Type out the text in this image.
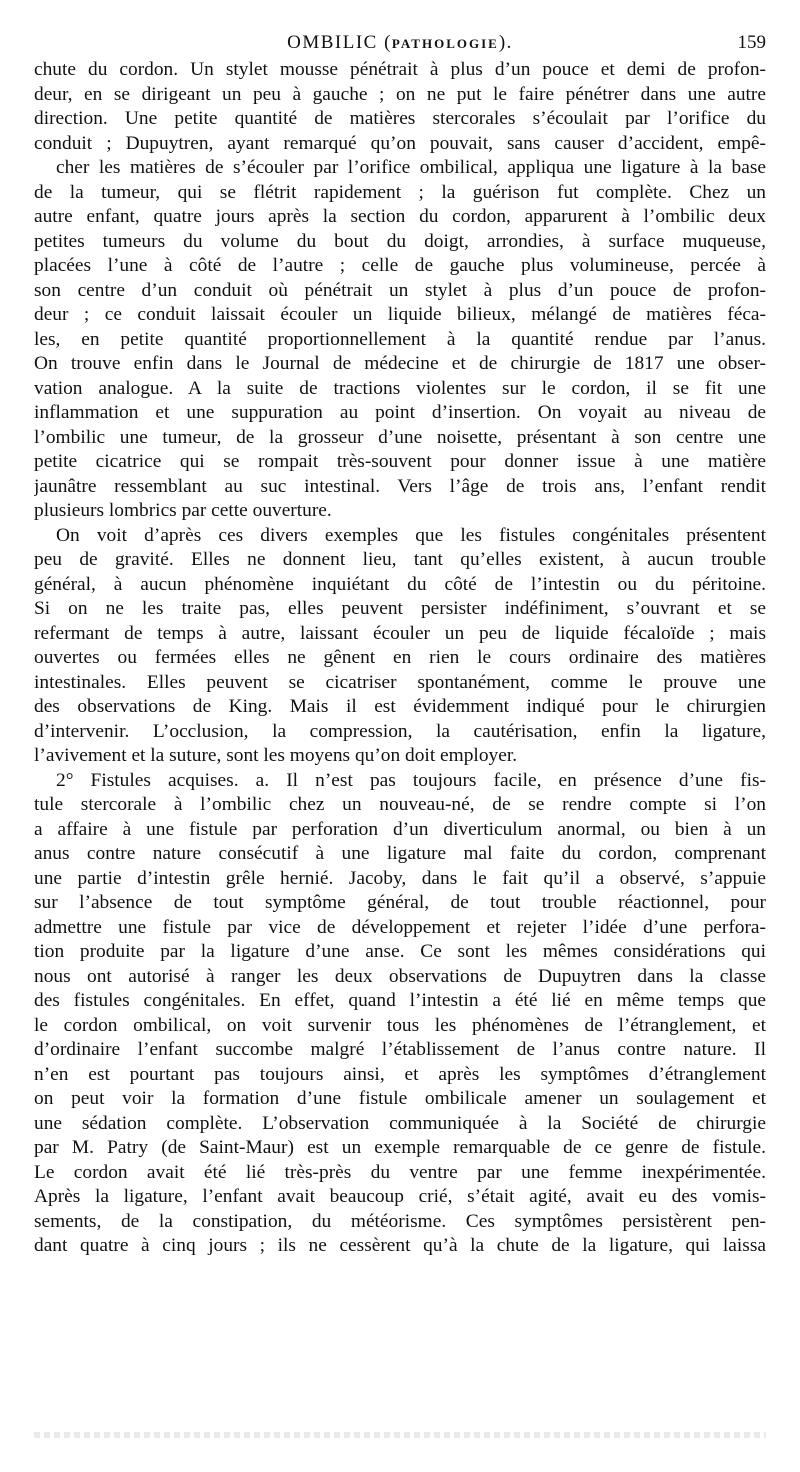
OMBILIC (PATHOLOGIE).	159
chute du cordon. Un stylet mousse pénétrait à plus d’un pouce et demi de profon-
deur, en se dirigeant un peu à gauche ; on ne put le faire pénétrer dans une autre
direction. Une petite quantité de matières stercorales s’écoulait par l’orifice du
conduit ; Dupuytren, ayant remarqué qu’on pouvait, sans causer d’accident, empê-
cher les matières de s’écouler par l’orifice ombilical, appliqua une ligature à la base
de la tumeur, qui se flétrit rapidement ; la guérison fut complète. Chez un
autre enfant, quatre jours après la section du cordon, apparurent à l’ombilic deux
petites tumeurs du volume du bout du doigt, arrondies, à surface muqueuse,
placées l’une à côté de l’autre ; celle de gauche plus volumineuse, percée à
son centre d’un conduit où pénétrait un stylet à plus d’un pouce de profon-
deur ; ce conduit laissait écouler un liquide bilieux, mélangé de matières féca-
les, en petite quantité proportionnellement à la quantité rendue par l’anus.
On trouve enfin dans le Journal de médecine et de chirurgie de 1817 une obser-
vation analogue. A la suite de tractions violentes sur le cordon, il se fit une
inflammation et une suppuration au point d’insertion. On voyait au niveau de
l’ombilic une tumeur, de la grosseur d’une noisette, présentant à son centre une
petite cicatrice qui se rompait très-souvent pour donner issue à une matière
jaunâtre ressemblant au suc intestinal. Vers l’âge de trois ans, l’enfant rendit
plusieurs lombrics par cette ouverture.
On voit d’après ces divers exemples que les fistules congénitales présentent
peu de gravité. Elles ne donnent lieu, tant qu’elles existent, à aucun trouble
général, à aucun phénomène inquiétant du côté de l’intestin ou du péritoine.
Si on ne les traite pas, elles peuvent persister indéfiniment, s’ouvrant et se
refermant de temps à autre, laissant écouler un peu de liquide fécaloïde ; mais
ouvertes ou fermées elles ne gênent en rien le cours ordinaire des matières
intestinales. Elles peuvent se cicatriser spontanément, comme le prouve une
des observations de King. Mais il est évidemment indiqué pour le chirurgien
d’intervenir. L’occlusion, la compression, la cautérisation, enfin la ligature,
l’avivement et la suture, sont les moyens qu’on doit employer.
2° Fistules acquises. a. Il n’est pas toujours facile, en présence d’une fis-
tule stercorale à l’ombilic chez un nouveau-né, de se rendre compte si l’on
a affaire à une fistule par perforation d’un diverticulum anormal, ou bien à un
anus contre nature consécutif à une ligature mal faite du cordon, comprenant
une partie d’intestin grêle hernié. Jacoby, dans le fait qu’il a observé, s’appuie
sur l’absence de tout symptôme général, de tout trouble réactionnel, pour
admettre une fistule par vice de développement et rejeter l’idée d’une perfora-
tion produite par la ligature d’une anse. Ce sont les mêmes considérations qui
nous ont autorisé à ranger les deux observations de Dupuytren dans la classe
des fistules congénitales. En effet, quand l’intestin a été lié en même temps que
le cordon ombilical, on voit survenir tous les phénomènes de l’étranglement, et
d’ordinaire l’enfant succombe malgré l’établissement de l’anus contre nature. Il
n’en est pourtant pas toujours ainsi, et après les symptômes d’étranglement
on peut voir la formation d’une fistule ombilicale amener un soulagement et
une sédation complète. L’observation communiquée à la Société de chirurgie
par M. Patry (de Saint-Maur) est un exemple remarquable de ce genre de fistule.
Le cordon avait été lié très-près du ventre par une femme inexpérimentée.
Après la ligature, l’enfant avait beaucoup crié, s’était agité, avait eu des vomis-
sements, de la constipation, du météorisme. Ces symptômes persistèrent pen-
dant quatre à cinq jours ; ils ne cessèrent qu’à la chute de la ligature, qui laissa
